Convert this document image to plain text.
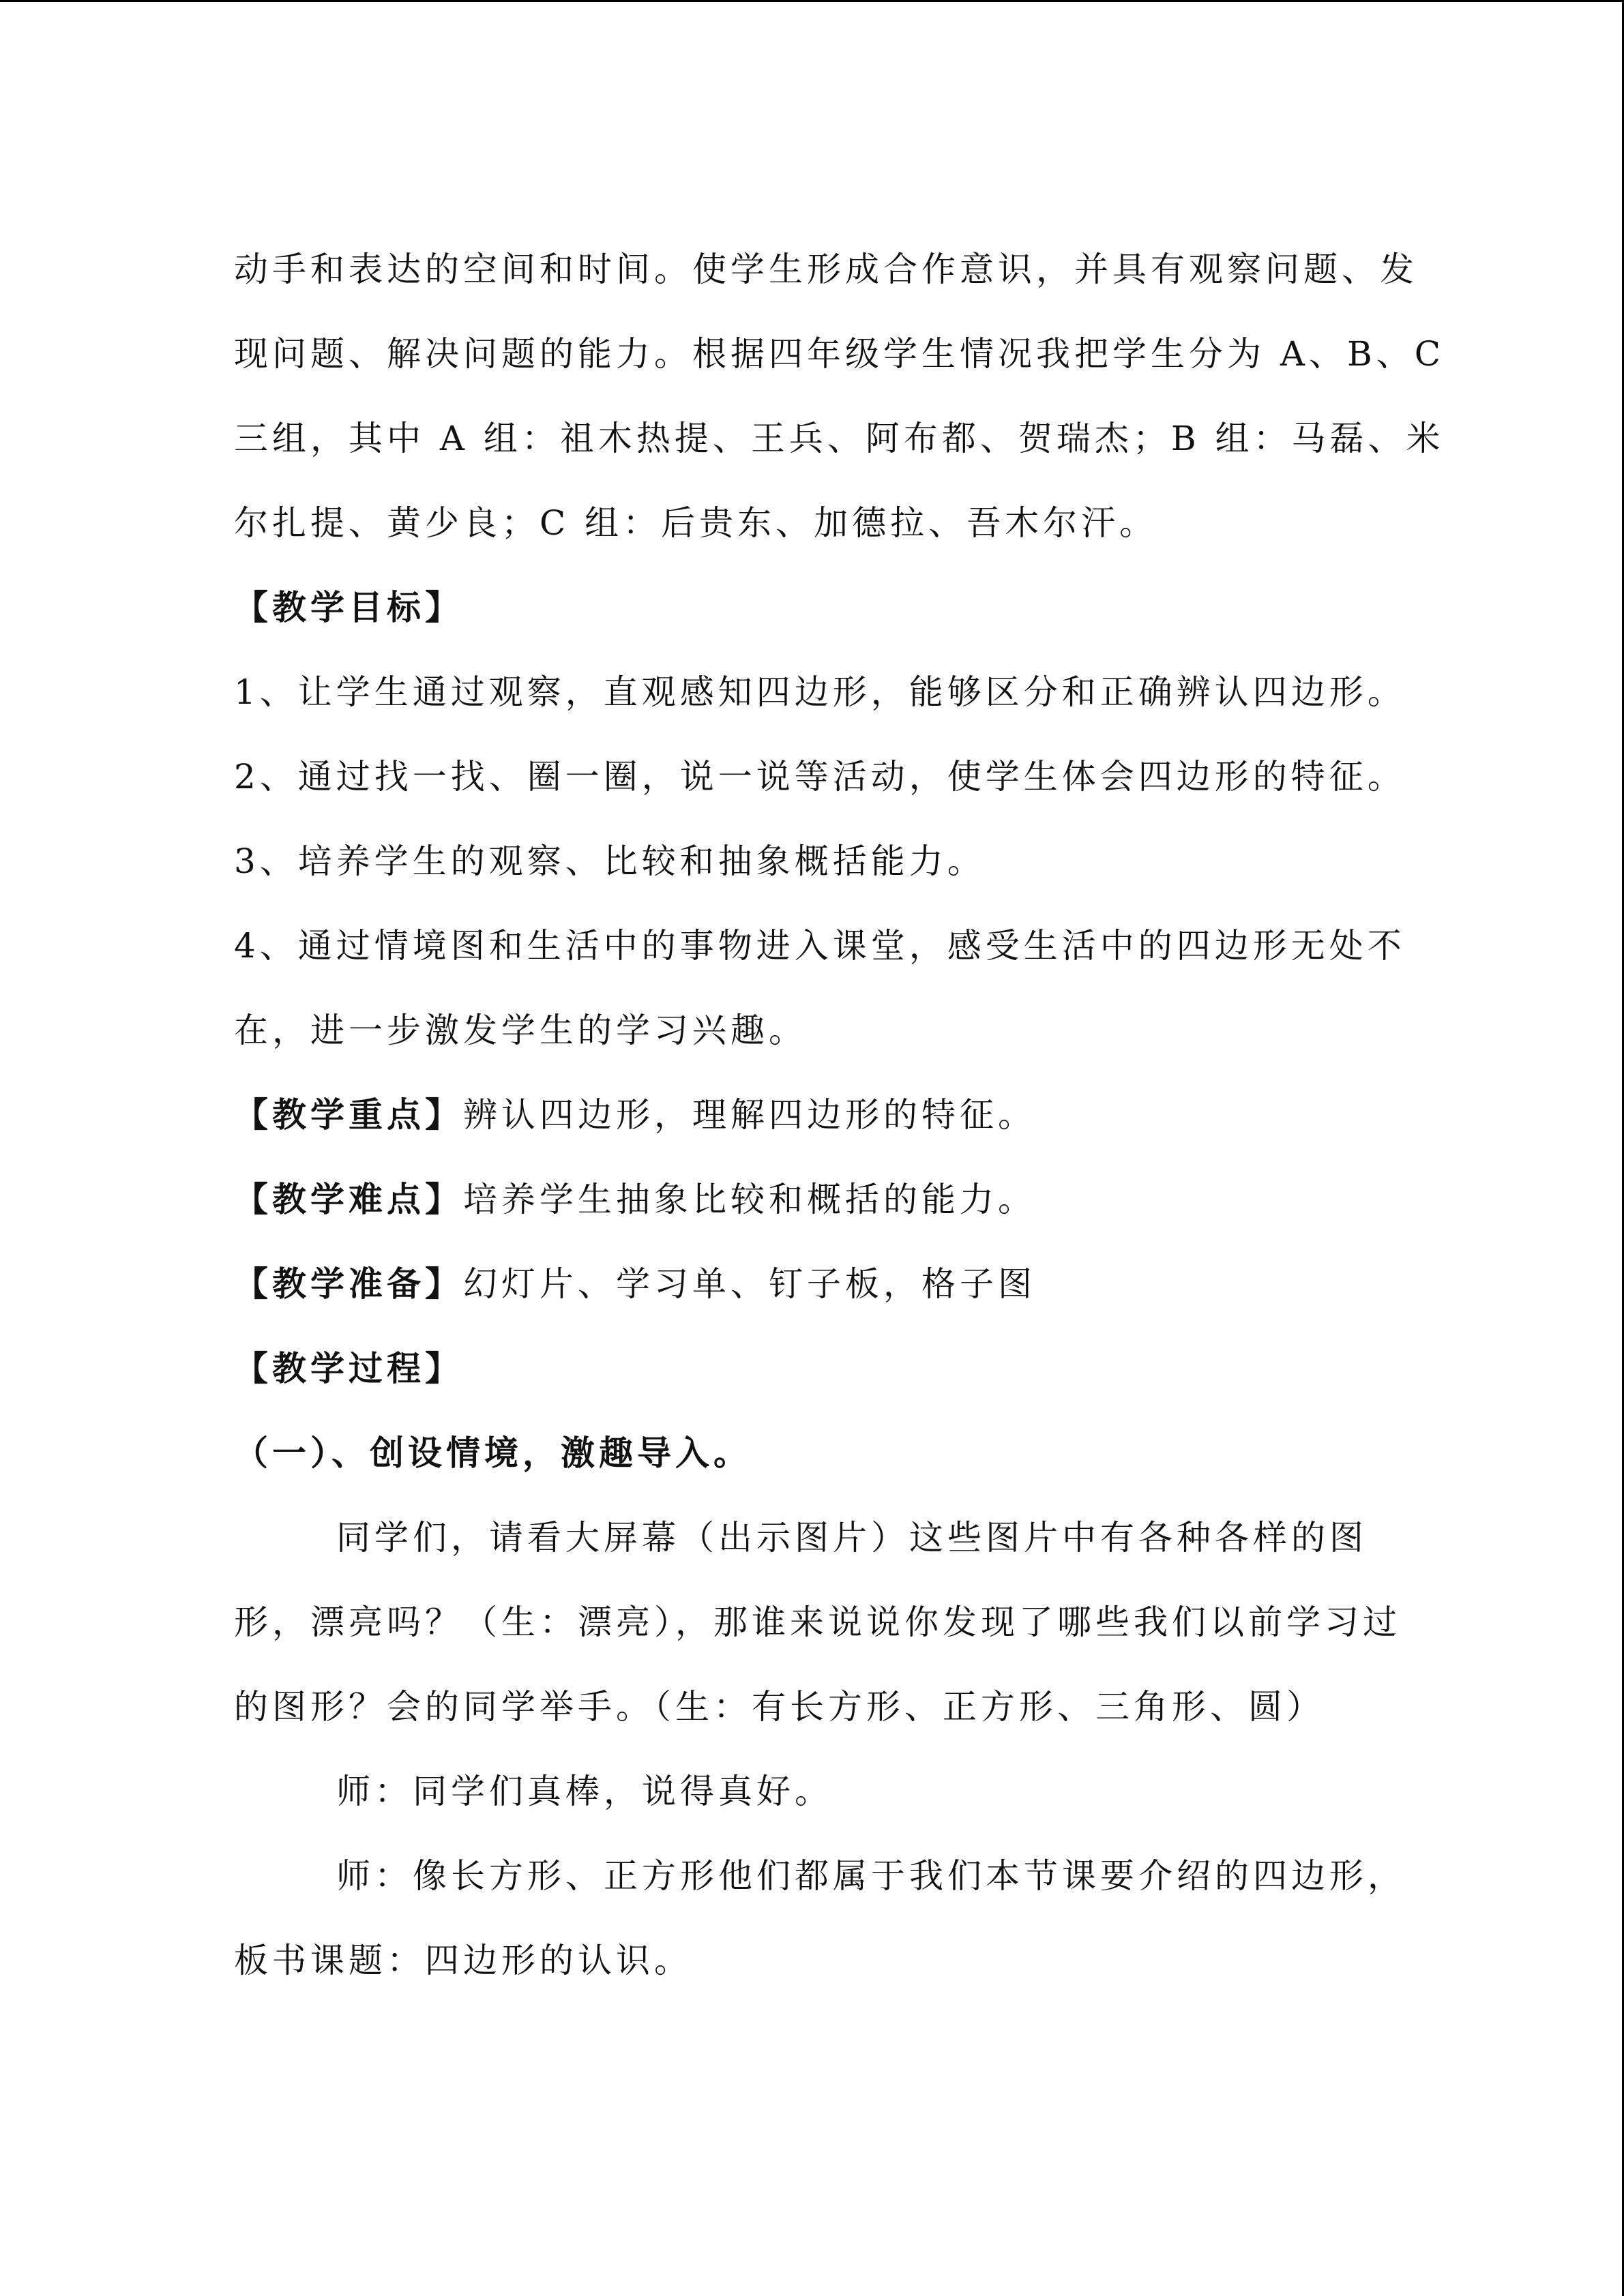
动手和表达的空间和时间。使学生形成合作意识，并具有观察问题、发
现问题、解决问题的能力。根据四年级学生情况我把学生分为 A、B、C
三组，其中 A 组：祖木热提、王兵、阿布都、贺瑞杰；B 组：马磊、米
尔扎提、黄少良；C 组：后贵东、加德拉、吾木尔汗。
【教学目标】
1、让学生通过观察，直观感知四边形，能够区分和正确辨认四边形。
2、通过找一找、圈一圈，说一说等活动，使学生体会四边形的特征。
3、培养学生的观察、比较和抽象概括能力。
4、通过情境图和生活中的事物进入课堂，感受生活中的四边形无处不
在，进一步激发学生的学习兴趣。
【教学重点】辨认四边形，理解四边形的特征。
【教学难点】培养学生抽象比较和概括的能力。
【教学准备】幻灯片、学习单、钉子板，格子图
【教学过程】
（一）、创设情境，激趣导入。
同学们，请看大屏幕（出示图片）这些图片中有各种各样的图
形，漂亮吗？（生：漂亮），那谁来说说你发现了哪些我们以前学习过
的图形？会的同学举手。（生：有长方形、正方形、三角形、圆）
师：同学们真棒，说得真好。
师：像长方形、正方形他们都属于我们本节课要介绍的四边形，
板书课题：四边形的认识。
